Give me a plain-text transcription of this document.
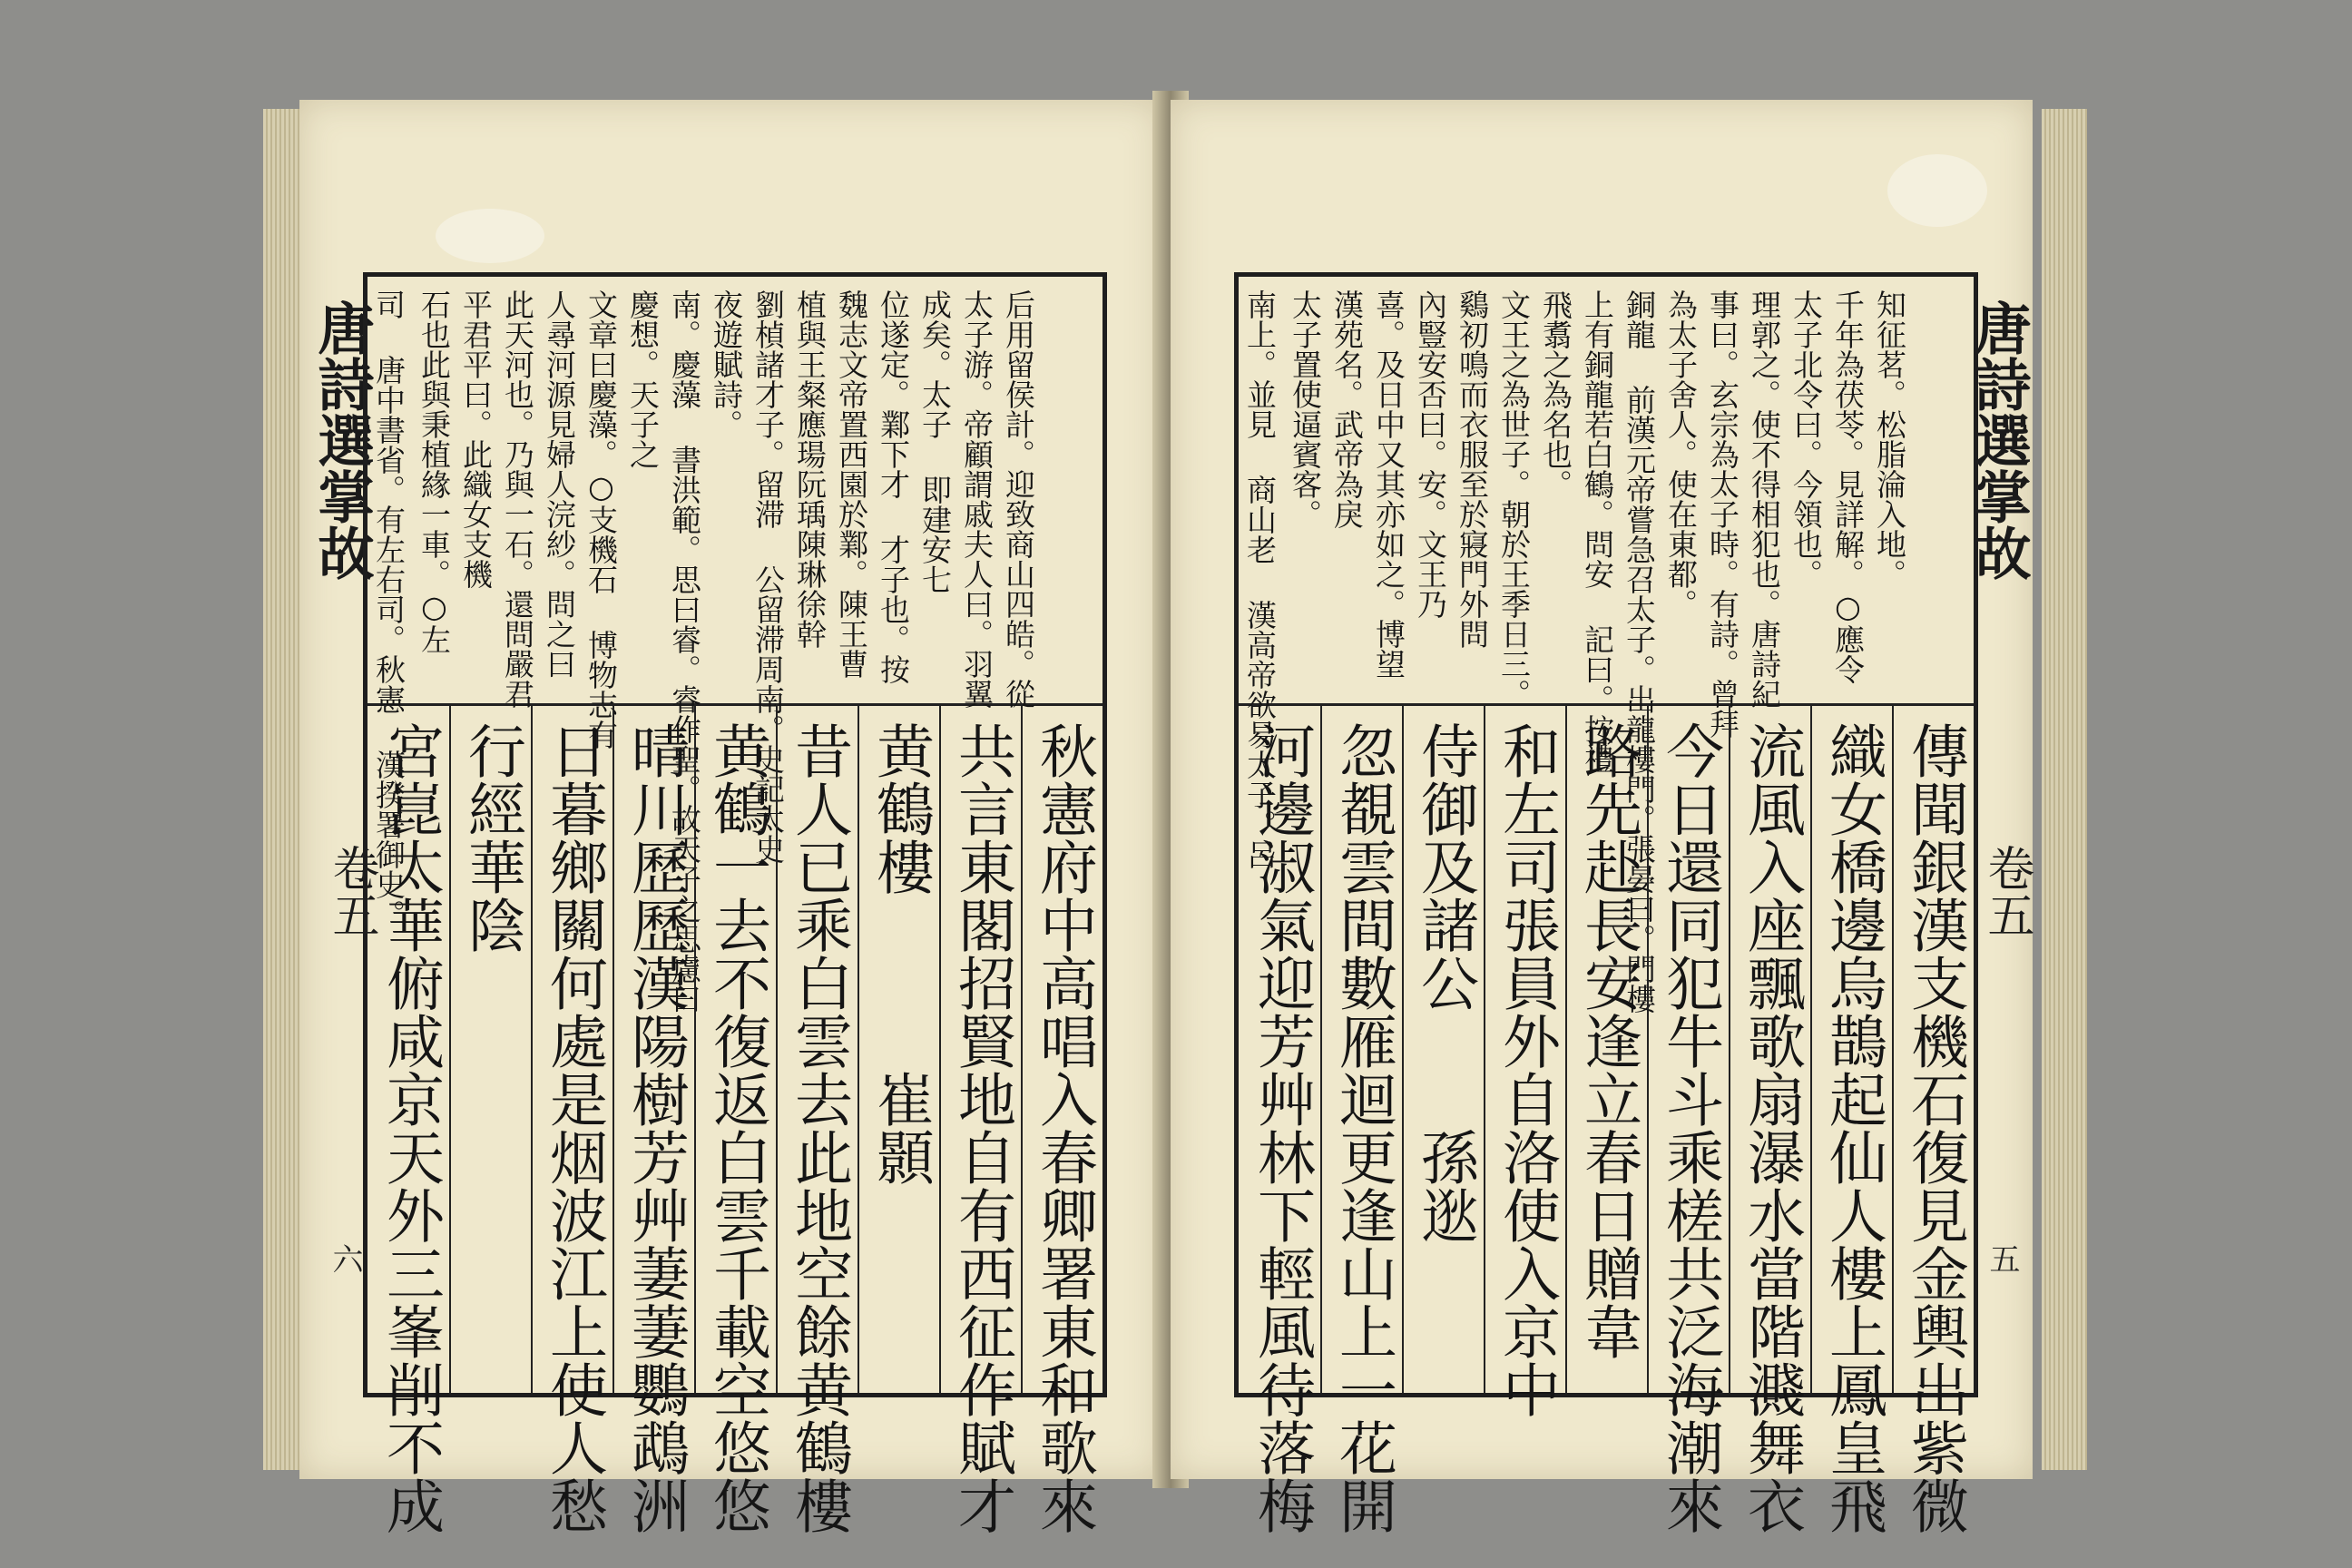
唐詩選掌故
卷五
六
司 唐中書省。有左右司。秋憲 漢揆署御史。 石也此與秉植緣一車。○左 平君平曰。此織女支機 此天河也。乃與一石。還問嚴君 人尋河源見婦人浣紗。問之曰 文章曰慶藻。○支機石 博物志有 慶想。天子之 南。慶藻 書洪範。思曰睿。睿作聖。故天子之思慮曰 夜遊賦詩。 劉楨諸才子。留滞 公留滞周南。史記太史 植與王粲應瑒阮瑀陳琳徐幹 魏志文帝置西園於鄴。陳王曹 位遂定。鄴下才 才子也。按 成矣。太子 即建安七 太子游。帝顧謂戚夫人曰。羽翼 后用留侯計。迎致商山四皓。從
宮崑太華俯咸京天外三峯削不成 行經華陰 日暮鄉關何處是烟波江上使人愁 晴川歷歷漢陽樹芳艸萋萋鸚鵡洲 黄鶴一去不復返白雲千載空悠悠 昔人已乘白雲去此地空餘黄鶴樓 黄鶴樓　　　崔顥 共言東閣招賢地自有西征作賦才 秋憲府中高唱入春卿署東和歌來
唐詩選掌故
卷五
五
南上。並見 商山老 漢高帝欲易太子。呂 太子置使逼賓客。 漢苑名。武帝為戾 喜。及日中又其亦如之。博望 內豎安否曰。安。文王乃 鷄初鳴而衣服至於寢門外問 文王之為世子。朝於王季日三。 飛翥之為名也。 上有銅龍若白鶴。問安 記曰。按禮 銅龍 前漢元帝嘗急召太子。出龍樓門。張晏曰。門樓 為太子舍人。使在東都。 事曰。玄宗為太子時。有詩。曾拜 理郭之。使不得相犯也。唐詩紀 太子北令曰。今領也。 千年為茯苓。見詳解。○應令 知征茗。松脂淪入地。
河邊淑氣迎芳艸林下輕風待落梅 忽覩雲間數雁迴更逢山上一花開 侍御及諸公　　孫逖 和左司張員外自洛使入京中 路先赴長安逢立春日贈韋 今日還同犯牛斗乘槎共泛海潮來 流風入座飄歌扇瀑水當階濺舞衣 織女橋邊烏鵲起仙人樓上鳳皇飛 傳聞銀漢支機石復見金輿出紫微
